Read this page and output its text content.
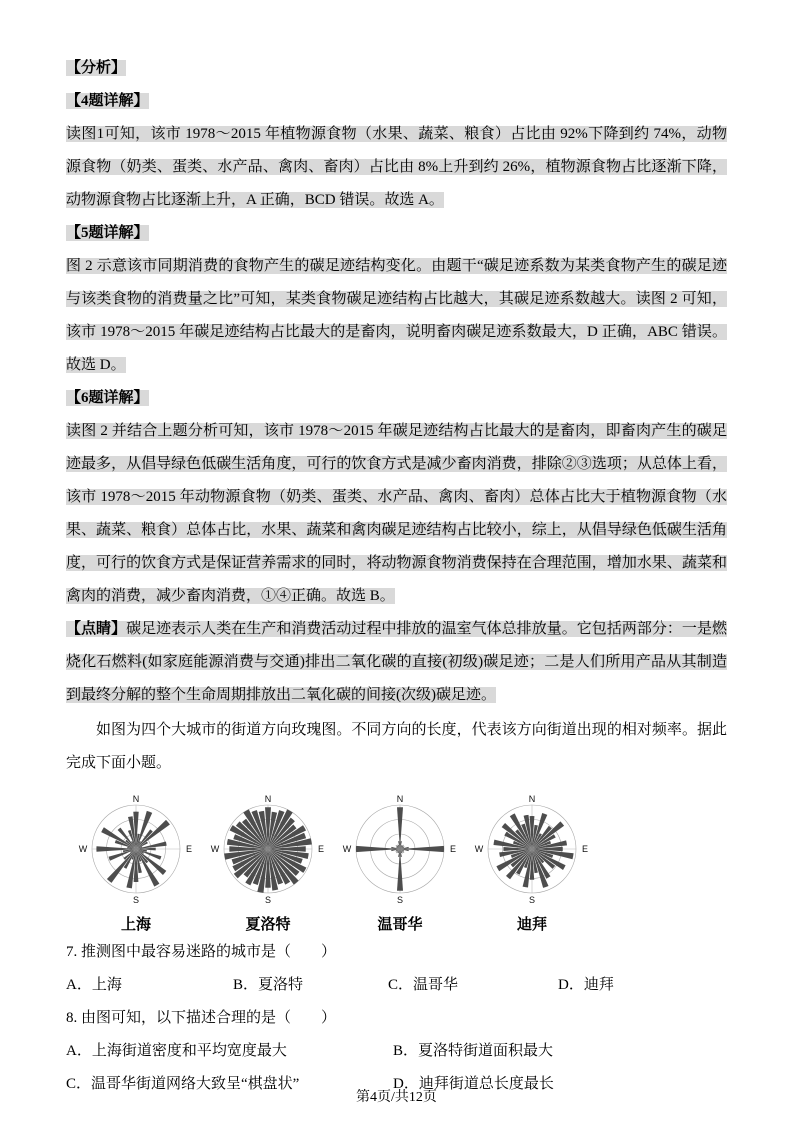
【分析】

【4题详解】

读图1可知，该市 1978～2015 年植物源食物（水果、蔬菜、粮食）占比由 92%下降到约 74%，动物源食物（奶类、蛋类、水产品、禽肉、畜肉）占比由 8%上升到约 26%，植物源食物占比逐渐下降，动物源食物占比逐渐上升，A 正确，BCD 错误。故选 A。

【5题详解】

图 2 示意该市同期消费的食物产生的碳足迹结构变化。由题干“碳足迹系数为某类食物产生的碳足迹与该类食物的消费量之比”可知，某类食物碳足迹结构占比越大，其碳足迹系数越大。读图 2 可知，该市 1978～2015 年碳足迹结构占比最大的是畜肉，说明畜肉碳足迹系数最大，D 正确，ABC 错误。故选 D。

【6题详解】

读图 2 并结合上题分析可知，该市 1978～2015 年碳足迹结构占比最大的是畜肉，即畜肉产生的碳足迹最多，从倡导绿色低碳生活角度，可行的饮食方式是减少畜肉消费，排除②③选项；从总体上看，该市 1978～2015 年动物源食物（奶类、蛋类、水产品、禽肉、畜肉）总体占比大于植物源食物（水果、蔬菜、粮食）总体占比，水果、蔬菜和禽肉碳足迹结构占比较小，综上，从倡导绿色低碳生活角度，可行的饮食方式是保证营养需求的同时，将动物源食物消费保持在合理范围，增加水果、蔬菜和禽肉的消费，减少畜肉消费，①④正确。故选 B。

【点睛】碳足迹表示人类在生产和消费活动过程中排放的温室气体总排放量。它包括两部分：一是燃烧化石燃料(如家庭能源消费与交通)排出二氧化碳的直接(初级)碳足迹；二是人们所用产品从其制造到最终分解的整个生命周期排放出二氧化碳的间接(次级)碳足迹。

如图为四个大城市的街道方向玫瑰图。不同方向的长度，代表该方向街道出现的相对频率。据此完成下面小题。

N
S
E
W
上海
N
S
E
W
夏洛特
N
S
E
W
温哥华
N
S
E
W
迪拜

7. 推测图中最容易迷路的城市是（　　）

A．上海	B．夏洛特	C．温哥华	D．迪拜

8. 由图可知，以下描述合理的是（　　）

A．上海街道密度和平均宽度最大	B．夏洛特街道面积最大
C．温哥华街道网络大致呈“棋盘状”	D．迪拜街道总长度最长
第4页/共12页
